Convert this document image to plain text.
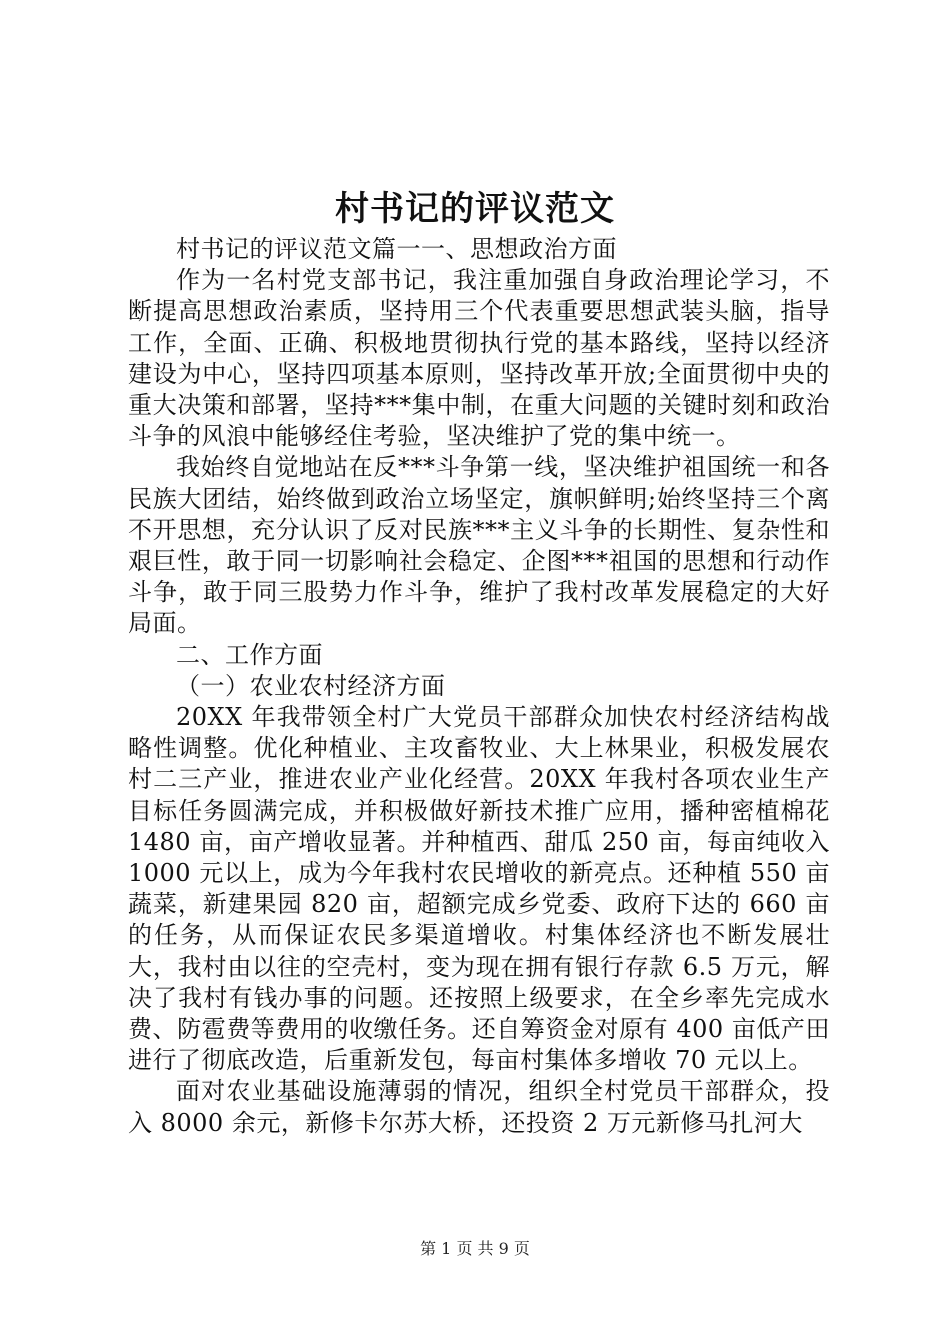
村书记的评议范文

村书记的评议范文篇一一、思想政治方面

作为一名村党支部书记，我注重加强自身政治理论学习，不断提高思想政治素质，坚持用三个代表重要思想武装头脑，指导工作，全面、正确、积极地贯彻执行党的基本路线，坚持以经济建设为中心，坚持四项基本原则，坚持改革开放;全面贯彻中央的重大决策和部署，坚持***集中制，在重大问题的关键时刻和政治斗争的风浪中能够经住考验，坚决维护了党的集中统一。

我始终自觉地站在反***斗争第一线，坚决维护祖国统一和各民族大团结，始终做到政治立场坚定，旗帜鲜明;始终坚持三个离不开思想，充分认识了反对民族***主义斗争的长期性、复杂性和艰巨性，敢于同一切影响社会稳定、企图***祖国的思想和行动作斗争，敢于同三股势力作斗争，维护了我村改革发展稳定的大好局面。

二、工作方面

（一）农业农村经济方面

20XX 年我带领全村广大党员干部群众加快农村经济结构战略性调整。优化种植业、主攻畜牧业、大上林果业，积极发展农村二三产业，推进农业产业化经营。20XX 年我村各项农业生产目标任务圆满完成，并积极做好新技术推广应用，播种密植棉花 1480 亩，亩产增收显著。并种植西、甜瓜 250 亩，每亩纯收入 1000 元以上，成为今年我村农民增收的新亮点。还种植 550 亩蔬菜，新建果园 820 亩，超额完成乡党委、政府下达的 660 亩的任务，从而保证农民多渠道增收。村集体经济也不断发展壮大，我村由以往的空壳村，变为现在拥有银行存款 6.5 万元，解决了我村有钱办事的问题。还按照上级要求，在全乡率先完成水费、防雹费等费用的收缴任务。还自筹资金对原有 400 亩低产田进行了彻底改造，后重新发包，每亩村集体多增收 70 元以上。

面对农业基础设施薄弱的情况，组织全村党员干部群众，投入 8000 余元，新修卡尔苏大桥，还投资 2 万元新修马扎河大

第 1 页 共 9 页
